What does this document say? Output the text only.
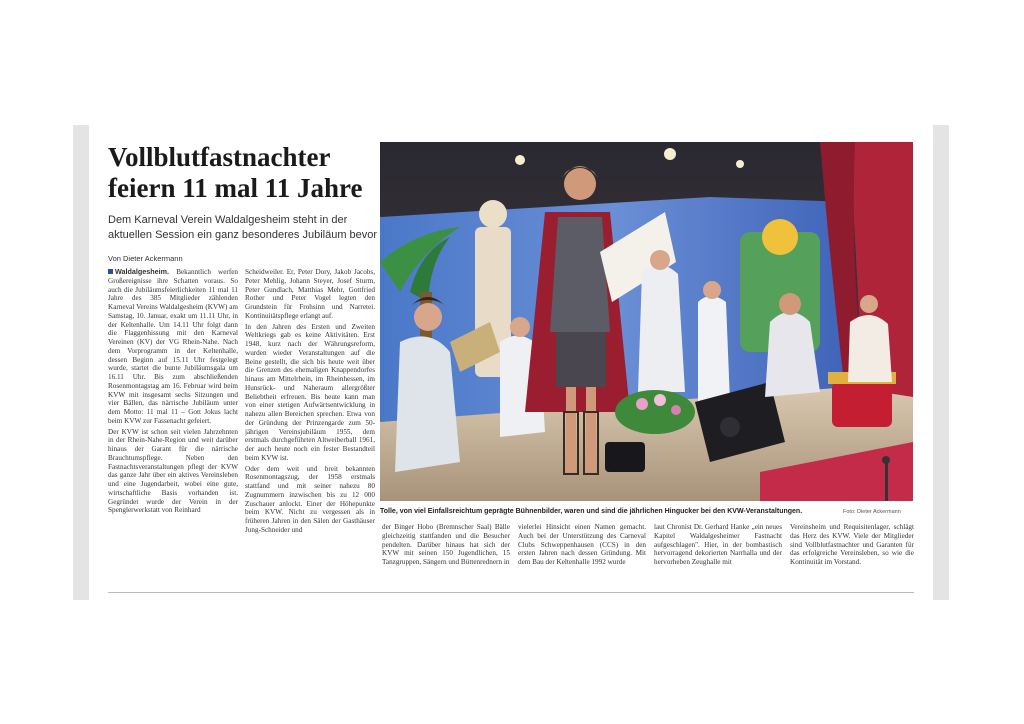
Vollblutfastnachter
feiern 11 mal 11 Jahre

Dem Karneval Verein Waldalgesheim steht in der aktuellen Session ein ganz besonderes Jubiläum bevor

Von Dieter Ackermann

Waldalgesheim. Bekanntlich werfen Großereignisse ihre Schatten voraus. So auch die Jubiläumsfeierlichkeiten 11 mal 11 Jahre des 385 Mitglieder zählenden Karneval Vereins Waldalgesheim (KVW) am Samstag, 10. Januar, exakt um 11.11 Uhr, in der Keltenhalle. Um 14.11 Uhr folgt dann die Flaggenhissung mit den Karneval Vereinen (KV) der VG Rhein-Nahe. Nach dem Vorprogramm in der Keltenhalle, dessen Beginn auf 15.11 Uhr festgelegt wurde, startet die bunte Jubiläumsgala um 16.11 Uhr. Bis zum abschließenden Rosenmontagstag am 16. Februar wird beim KVW mit insgesamt sechs Sitzungen und vier Bällen, das närrische Jubiläum unter dem Motto: 11 mal 11 – Gott Jokus lacht beim KVW zur Fassenacht gefeiert.

Der KVW ist schon seit vielen Jahrzehnten in der Rhein-Nahe-Region und weit darüber hinaus der Garant für die närrische Brauchtumspflege. Neben den Fastnachtsveranstaltungen pflegt der KVW das ganze Jahr über ein aktives Vereinsleben und eine Jugendarbeit, wobei eine gute, wirtschaftliche Basis vorhanden ist. Gegründet wurde der Verein in der Spenglerwerkstatt von Reinhard

Scheidweiler. Er, Peter Dory, Jakob Jacobs, Peter Mehlig, Johann Steyer, Josef Sturm, Peter Gundlach, Matthias Mehr, Gottfried Rother und Peter Vogel legten den Grundstein für Frohsinn und Narretei. Kontinuitätspflege erlangt auf.

In den Jahren des Ersten und Zweiten Weltkriegs gab es keine Aktivitäten. Erst 1948, kurz nach der Währungsreform, wurden wieder Veranstaltungen auf die Beine gestellt, die sich bis heute weit über die Grenzen des ehemaligen Knappendorfes hinaus am Mittelrhein, im Rheinhessen, im Hunsrück- und Naheraum allergrößter Beliebtheit erfreuen. Bis heute kann man von einer stetigen Aufwärtsentwicklung in nahezu allen Bereichen sprechen. Etwa von der Gründung der Prinzengarde zum 50-jährigen Vereinsjubiläum 1955, dem erstmals durchgeführten Altweiberball 1961, der auch heute noch ein fester Bestandteil beim KVW ist.

Oder dem weit und breit bekannten Rosenmontagszug, der 1958 erstmals stattfand und mit seiner nahezu 80 Zugnummern inzwischen bis zu 12 000 Zuschauer anlockt. Einer der Höhepunkte beim KVW. Nicht zu vergessen als in früheren Jahren in den Sälen der Gasthäuser Jung-Schneider und

Tolle, von viel Einfallsreichtum geprägte Bühnenbilder, waren und sind die jährlichen Hingucker bei den KVW-Veranstaltungen.	Foto: Dieter Ackermann

der Binger Hobo (Bremnscher Saal) Bälle gleichzeitig stattfanden und die Besucher pendelten. Darüber hinaus hat sich der KVW mit seinen 150 Jugendlichen, 15 Tanzgruppen, Sängern und Büttenrednern in

vielerlei Hinsicht einen Namen gemacht. Auch bei der Unterstützung des Carneval Clubs Schweppenhausen (CCS) in den ersten Jahren nach dessen Gründung. Mit dem Bau der Keltenhalle 1992 wurde

laut Chronist Dr. Gerhard Hanke „ein neues Kapitel Waldalgesheimer Fastnacht aufgeschlagen". Hier, in der bombastisch hervorragend dekorierten Narrhalla und der hervorheben Zeughalle mit

Vereinsheim und Requisitenlager, schlägt das Herz des KVW. Viele der Mitglieder sind Vollblutfastnachter und Garanten für das erfolgreiche Vereinsleben, so wie die Kontinuität im Vorstand.
